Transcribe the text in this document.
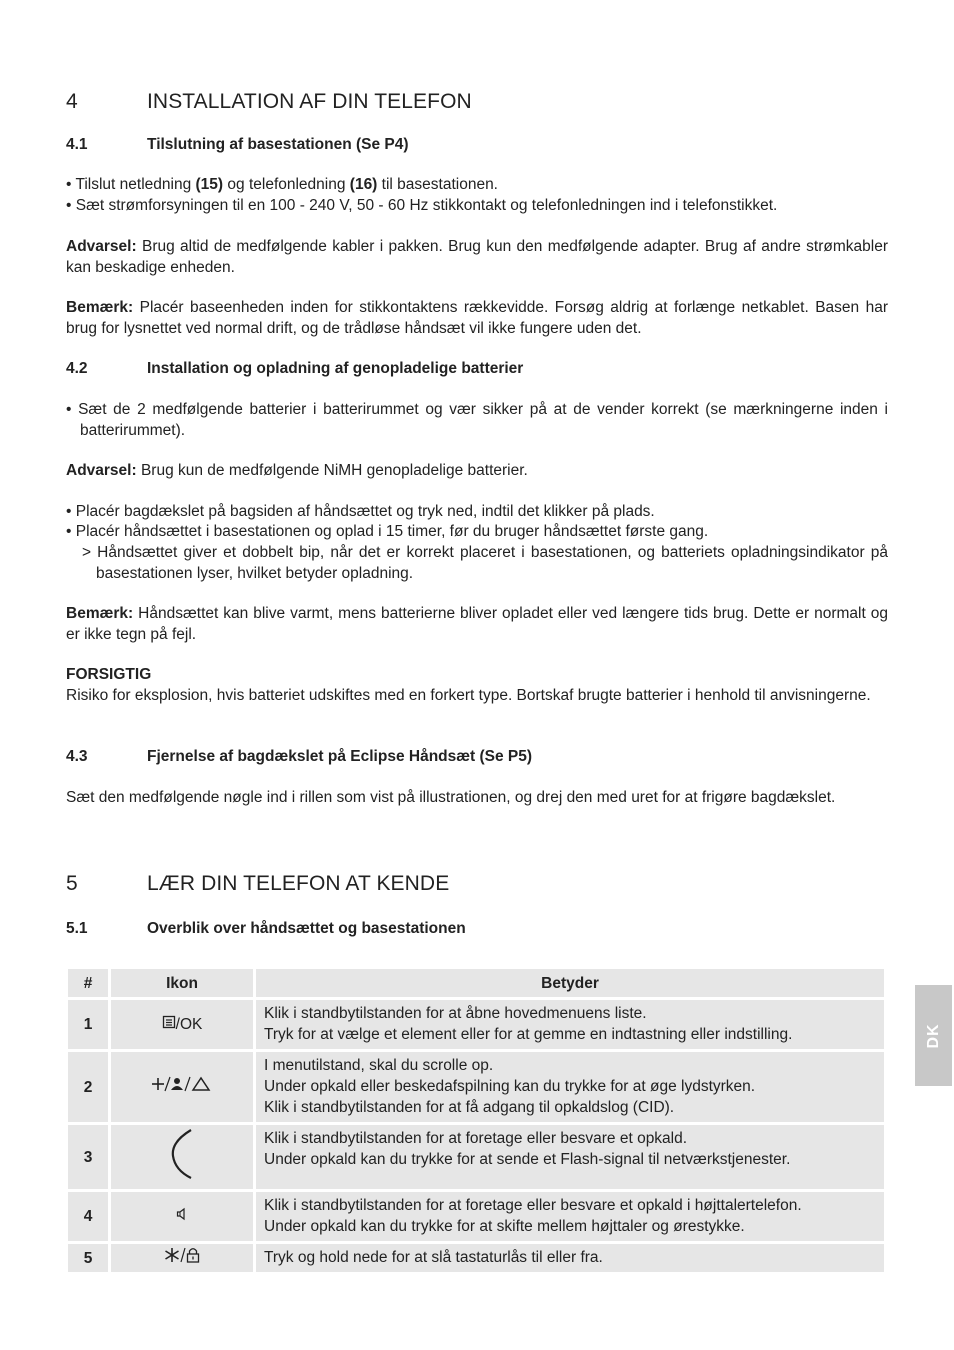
4	INSTALLATION AF DIN TELEFON
4.1	Tilslutning af basestationen (Se P4)
• Tilslut netledning (15) og telefonledning (16) til basestationen.
• Sæt strømforsyningen til en 100 - 240 V, 50 - 60 Hz stikkontakt og telefonledningen ind i telefonstikket.
Advarsel: Brug altid de medfølgende kabler i pakken. Brug kun den medfølgende adapter. Brug af andre strømkabler kan beskadige enheden.
Bemærk: Placér baseenheden inden for stikkontaktens rækkevidde. Forsøg aldrig at forlænge netkablet. Basen har brug for lysnettet ved normal drift, og de trådløse håndsæt vil ikke fungere uden det.
4.2	Installation og opladning af genopladelige batterier
• Sæt de 2 medfølgende batterier i batterirummet og vær sikker på at de vender korrekt (se mærkningerne inden i batterirummet).
Advarsel: Brug kun de medfølgende NiMH genopladelige batterier.
• Placér bagdækslet på bagsiden af håndsættet og tryk ned, indtil det klikker på plads.
• Placér håndsættet i basestationen og oplad i 15 timer, før du bruger håndsættet første gang.
> Håndsættet giver et dobbelt bip, når det er korrekt placeret i basestationen, og batteriets opladningsindikator på basestationen lyser, hvilket betyder opladning.
Bemærk: Håndsættet kan blive varmt, mens batterierne bliver opladet eller ved længere tids brug. Dette er normalt og er ikke tegn på fejl.
FORSIGTIG
Risiko for eksplosion, hvis batteriet udskiftes med en forkert type. Bortskaf brugte batterier i henhold til anvisningerne.
4.3	Fjernelse af bagdækslet på Eclipse Håndsæt (Se P5)
Sæt den medfølgende nøgle ind i rillen som vist på illustrationen, og drej den med uret for at frigøre bagdækslet.
5	LÆR DIN TELEFON AT KENDE
5.1	Overblik over håndsættet og basestationen
#	Ikon	Betyder
1	/OK	Klik i standbytilstanden for at åbne hovedmenuens liste.
Tryk for at vælge et element eller for at gemme en indtastning eller indstilling.

2		I menutilstand, skal du scrolle op.
Under opkald eller beskedafspilning kan du trykke for at øge lydstyrken.
Klik i standbytilstanden for at få adgang til opkaldslog (CID).

3		Klik i standbytilstanden for at foretage eller besvare et opkald.
Under opkald kan du trykke for at sende et Flash-signal til netværkstjenester.

4		Klik i standbytilstanden for at foretage eller besvare et opkald i højttalertelefon.
Under opkald kan du trykke for at skifte mellem højttaler og ørestykke.

5		Tryk og hold nede for at slå tastaturlås til eller fra.
DK
